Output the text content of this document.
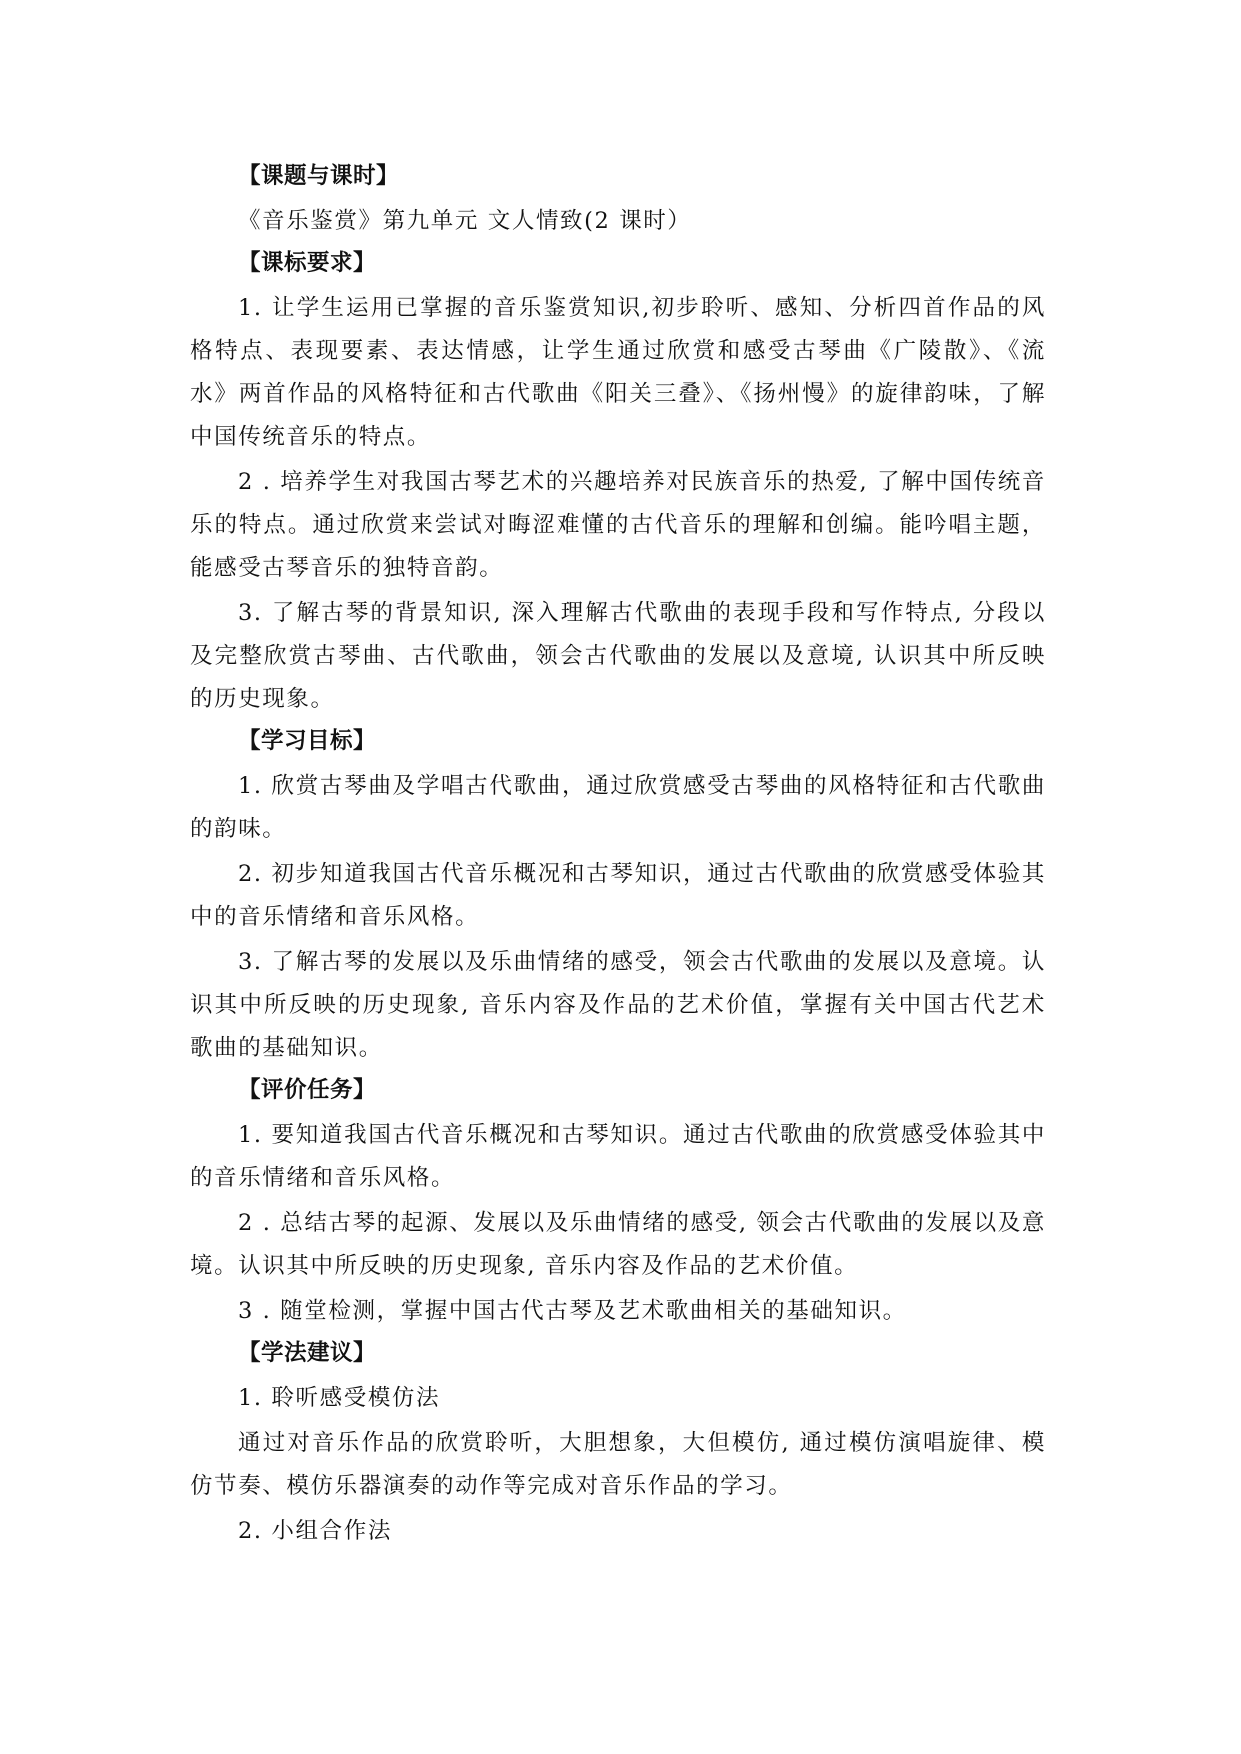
【课题与课时】

《音乐鉴赏》第九单元 文人情致(2 课时）

【课标要求】

1. 让学生运用已掌握的音乐鉴赏知识,初步聆听、感知、分析四首作品的风格特点、表现要素、表达情感，让学生通过欣赏和感受古琴曲《广陵散》、《流水》两首作品的风格特征和古代歌曲《阳关三叠》、《扬州慢》的旋律韵味，了解中国传统音乐的特点。

2 . 培养学生对我国古琴艺术的兴趣培养对民族音乐的热爱, 了解中国传统音乐的特点。通过欣赏来尝试对晦涩难懂的古代音乐的理解和创编。能吟唱主题，能感受古琴音乐的独特音韵。

3. 了解古琴的背景知识, 深入理解古代歌曲的表现手段和写作特点, 分段以及完整欣赏古琴曲、古代歌曲，领会古代歌曲的发展以及意境, 认识其中所反映的历史现象。

【学习目标】

1. 欣赏古琴曲及学唱古代歌曲，通过欣赏感受古琴曲的风格特征和古代歌曲的韵味。

2. 初步知道我国古代音乐概况和古琴知识，通过古代歌曲的欣赏感受体验其中的音乐情绪和音乐风格。

3. 了解古琴的发展以及乐曲情绪的感受，领会古代歌曲的发展以及意境。认识其中所反映的历史现象, 音乐内容及作品的艺术价值，掌握有关中国古代艺术歌曲的基础知识。

【评价任务】

1. 要知道我国古代音乐概况和古琴知识。通过古代歌曲的欣赏感受体验其中的音乐情绪和音乐风格。

2 . 总结古琴的起源、发展以及乐曲情绪的感受, 领会古代歌曲的发展以及意境。认识其中所反映的历史现象, 音乐内容及作品的艺术价值。

3 . 随堂检测，掌握中国古代古琴及艺术歌曲相关的基础知识。

【学法建议】

1. 聆听感受模仿法

通过对音乐作品的欣赏聆听，大胆想象，大但模仿, 通过模仿演唱旋律、模仿节奏、模仿乐器演奏的动作等完成对音乐作品的学习。

2. 小组合作法
